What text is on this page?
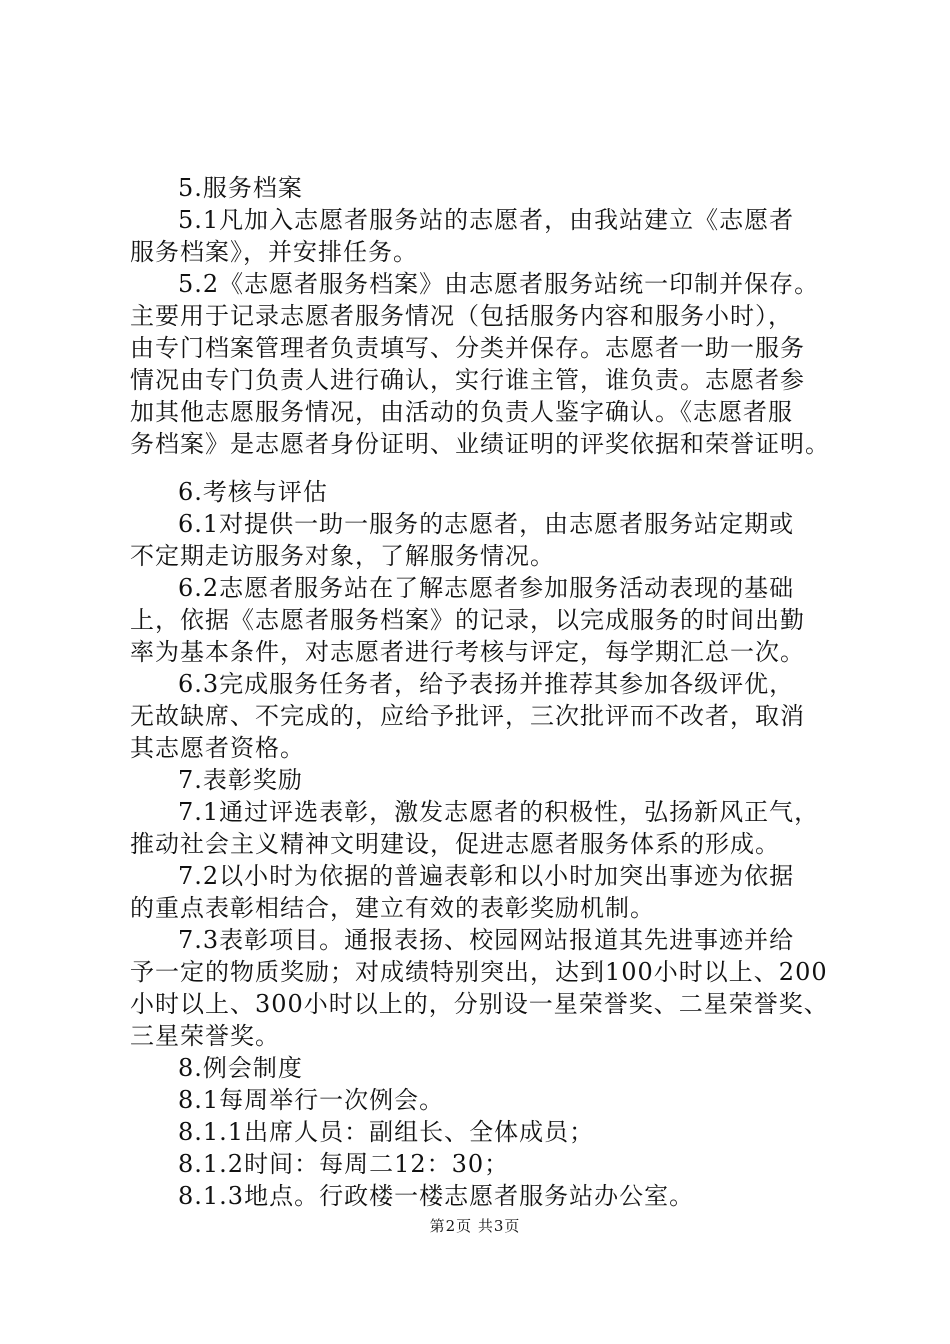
5.服务档案
5.1凡加入志愿者服务站的志愿者，由我站建立《志愿者
服务档案》，并安排任务。
5.2《志愿者服务档案》由志愿者服务站统一印制并保存。
主要用于记录志愿者服务情况（包括服务内容和服务小时），
由专门档案管理者负责填写、分类并保存。志愿者一助一服务
情况由专门负责人进行确认，实行谁主管，谁负责。志愿者参
加其他志愿服务情况，由活动的负责人鉴字确认。《志愿者服
务档案》是志愿者身份证明、业绩证明的评奖依据和荣誉证明。
6.考核与评估
6.1对提供一助一服务的志愿者，由志愿者服务站定期或
不定期走访服务对象，了解服务情况。
6.2志愿者服务站在了解志愿者参加服务活动表现的基础
上，依据《志愿者服务档案》的记录，以完成服务的时间出勤
率为基本条件，对志愿者进行考核与评定，每学期汇总一次。
6.3完成服务任务者，给予表扬并推荐其参加各级评优，
无故缺席、不完成的，应给予批评，三次批评而不改者，取消
其志愿者资格。
7.表彰奖励
7.1通过评选表彰，激发志愿者的积极性，弘扬新风正气，
推动社会主义精神文明建设，促进志愿者服务体系的形成。
7.2以小时为依据的普遍表彰和以小时加突出事迹为依据
的重点表彰相结合，建立有效的表彰奖励机制。
7.3表彰项目。通报表扬、校园网站报道其先进事迹并给
予一定的物质奖励；对成绩特别突出，达到100小时以上、200
小时以上、300小时以上的，分别设一星荣誉奖、二星荣誉奖、
三星荣誉奖。
8.例会制度
8.1每周举行一次例会。
8.1.1出席人员：副组长、全体成员；
8.1.2时间：每周二12：30；
8.1.3地点。行政楼一楼志愿者服务站办公室。
第2页 共3页
